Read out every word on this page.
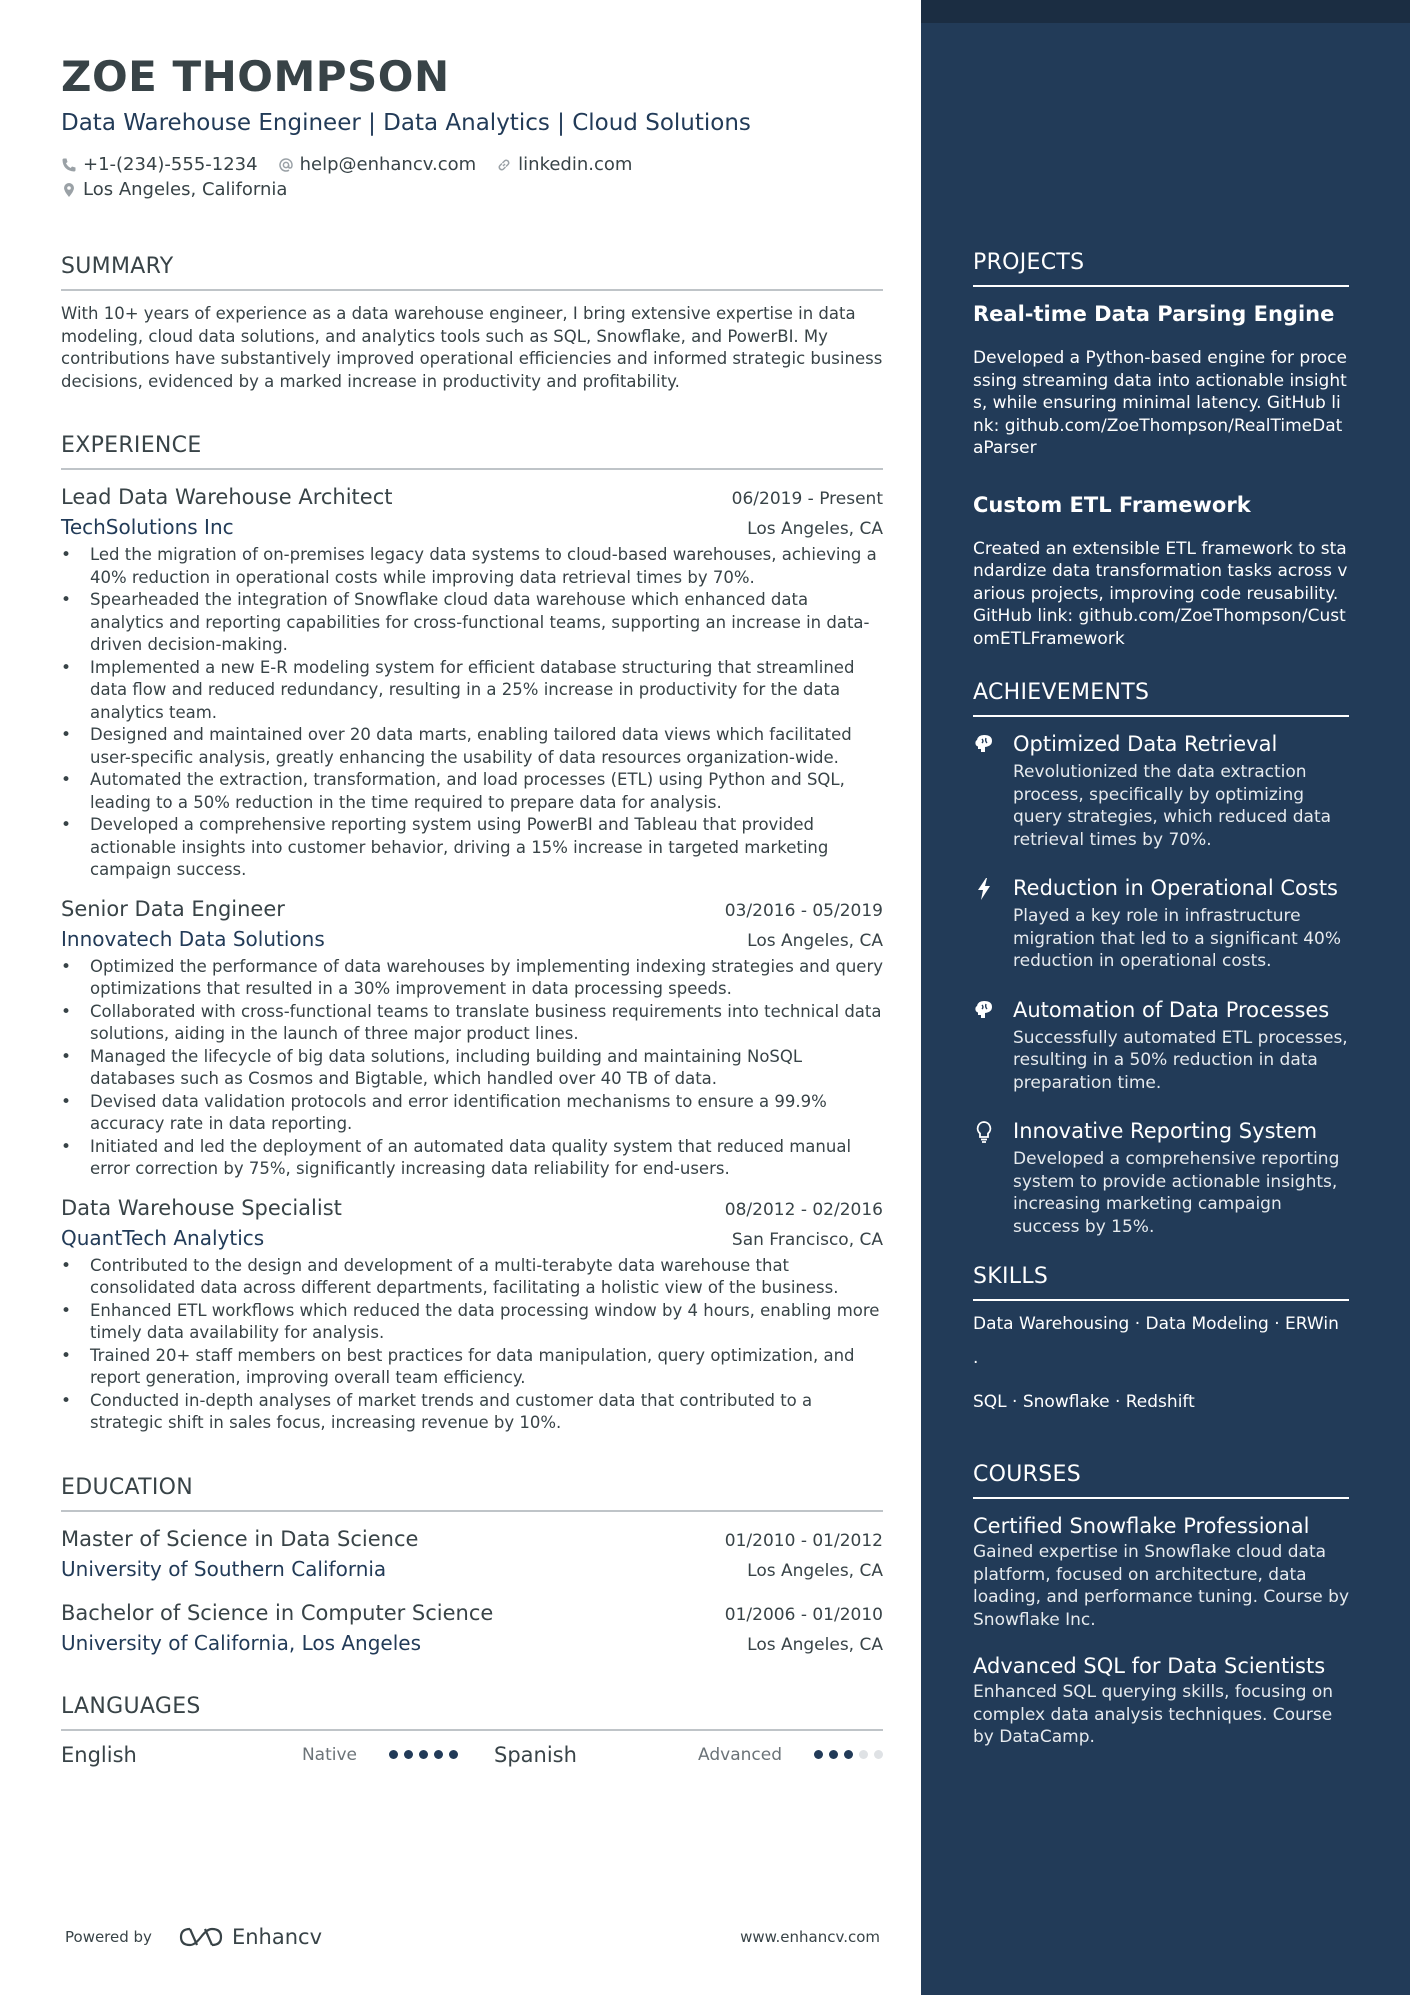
ZOE THOMPSON
Data Warehouse Engineer | Data Analytics | Cloud Solutions
+1-(234)-555-1234 help@enhancv.com linkedin.com
Los Angeles, California
SUMMARY
With 10+ years of experience as a data warehouse engineer, I bring extensive expertise in data modeling, cloud data solutions, and analytics tools such as SQL, Snowflake, and PowerBI. My contributions have substantively improved operational efficiencies and informed strategic business decisions, evidenced by a marked increase in productivity and profitability.
EXPERIENCE
Lead Data Warehouse Architect	06/2019 - Present
TechSolutions Inc	Los Angeles, CA
• Led the migration of on-premises legacy data systems to cloud-based warehouses, achieving a 40% reduction in operational costs while improving data retrieval times by 70%.
• Spearheaded the integration of Snowflake cloud data warehouse which enhanced data analytics and reporting capabilities for cross-functional teams, supporting an increase in data-driven decision-making.
• Implemented a new E-R modeling system for efficient database structuring that streamlined data flow and reduced redundancy, resulting in a 25% increase in productivity for the data analytics team.
• Designed and maintained over 20 data marts, enabling tailored data views which facilitated user-specific analysis, greatly enhancing the usability of data resources organization-wide.
• Automated the extraction, transformation, and load processes (ETL) using Python and SQL, leading to a 50% reduction in the time required to prepare data for analysis.
• Developed a comprehensive reporting system using PowerBI and Tableau that provided actionable insights into customer behavior, driving a 15% increase in targeted marketing campaign success.
Senior Data Engineer	03/2016 - 05/2019
Innovatech Data Solutions	Los Angeles, CA
• Optimized the performance of data warehouses by implementing indexing strategies and query optimizations that resulted in a 30% improvement in data processing speeds.
• Collaborated with cross-functional teams to translate business requirements into technical data solutions, aiding in the launch of three major product lines.
• Managed the lifecycle of big data solutions, including building and maintaining NoSQL databases such as Cosmos and Bigtable, which handled over 40 TB of data.
• Devised data validation protocols and error identification mechanisms to ensure a 99.9% accuracy rate in data reporting.
• Initiated and led the deployment of an automated data quality system that reduced manual error correction by 75%, significantly increasing data reliability for end-users.
Data Warehouse Specialist	08/2012 - 02/2016
QuantTech Analytics	San Francisco, CA
• Contributed to the design and development of a multi-terabyte data warehouse that consolidated data across different departments, facilitating a holistic view of the business.
• Enhanced ETL workflows which reduced the data processing window by 4 hours, enabling more timely data availability for analysis.
• Trained 20+ staff members on best practices for data manipulation, query optimization, and report generation, improving overall team efficiency.
• Conducted in-depth analyses of market trends and customer data that contributed to a strategic shift in sales focus, increasing revenue by 10%.
EDUCATION
Master of Science in Data Science	01/2010 - 01/2012
University of Southern California	Los Angeles, CA
Bachelor of Science in Computer Science	01/2006 - 01/2010
University of California, Los Angeles	Los Angeles, CA
LANGUAGES
English	Native	Spanish	Advanced
Powered by	Enhancv	www.enhancv.com
PROJECTS
Real-time Data Parsing Engine
Developed a Python-based engine for processing streaming data into actionable insights, while ensuring minimal latency. GitHub link: github.com/ZoeThompson/RealTimeDataParser
Custom ETL Framework
Created an extensible ETL framework to standardize data transformation tasks across various projects, improving code reusability. GitHub link: github.com/ZoeThompson/CustomETLFramework
ACHIEVEMENTS
Optimized Data Retrieval
Revolutionized the data extraction process, specifically by optimizing query strategies, which reduced data retrieval times by 70%.
Reduction in Operational Costs
Played a key role in infrastructure migration that led to a significant 40% reduction in operational costs.
Automation of Data Processes
Successfully automated ETL processes, resulting in a 50% reduction in data preparation time.
Innovative Reporting System
Developed a comprehensive reporting system to provide actionable insights, increasing marketing campaign success by 15%.
SKILLS
Data Warehousing · Data Modeling · ERWin ·
SQL · Snowflake · Redshift
COURSES
Certified Snowflake Professional
Gained expertise in Snowflake cloud data platform, focused on architecture, data loading, and performance tuning. Course by Snowflake Inc.
Advanced SQL for Data Scientists
Enhanced SQL querying skills, focusing on complex data analysis techniques. Course by DataCamp.
